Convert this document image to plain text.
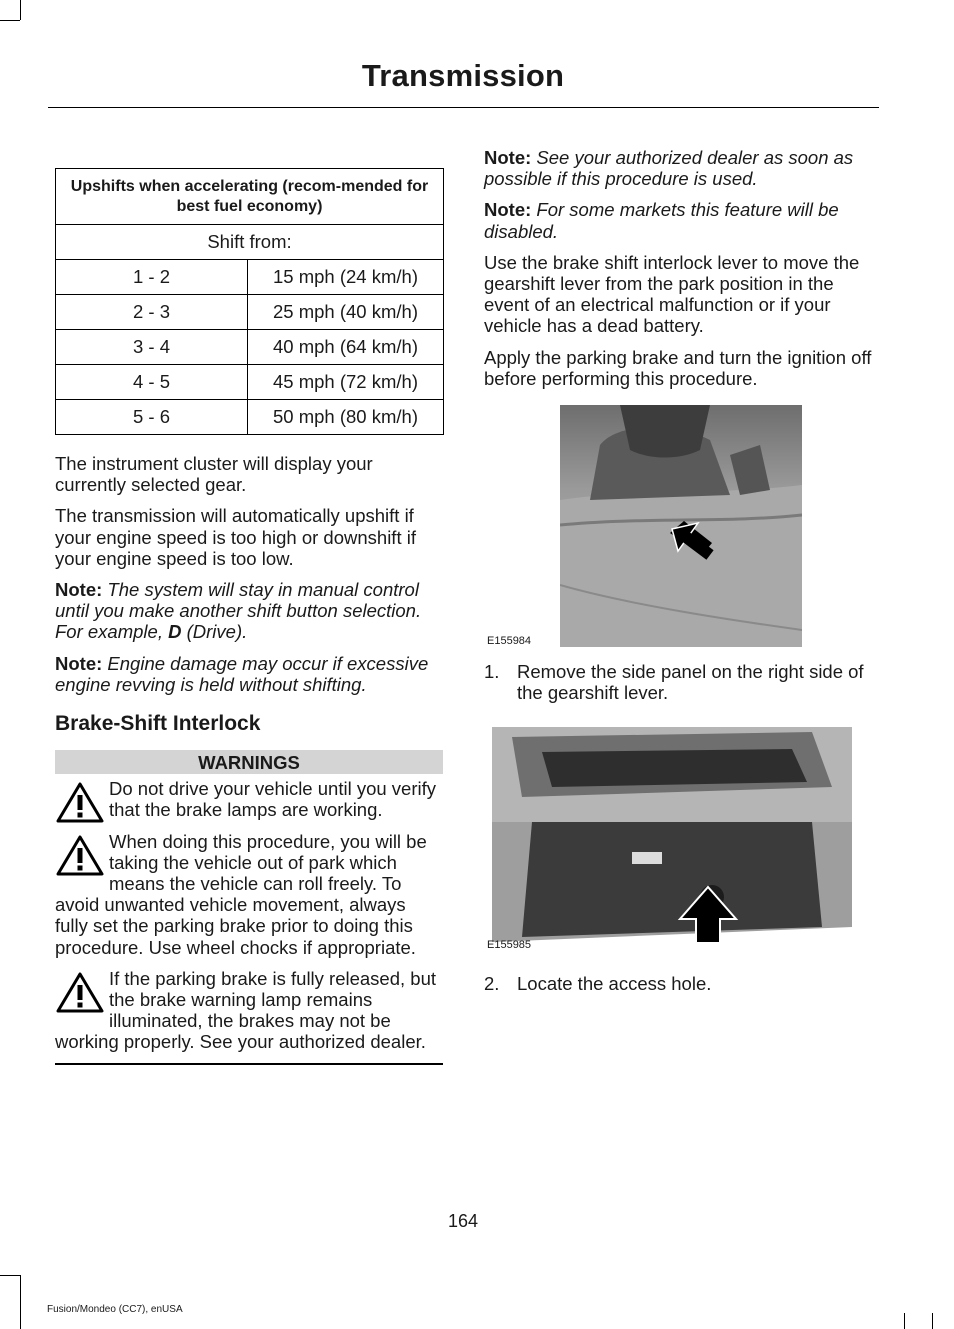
Transmission
Upshifts when accelerating (recom-mended for best fuel economy)	
Shift from:	
1 - 2	15 mph (24 km/h)
2 - 3	25 mph (40 km/h)
3 - 4	40 mph (64 km/h)
4 - 5	45 mph (72 km/h)
5 - 6	50 mph (80 km/h)

The instrument cluster will display your currently selected gear.

The transmission will automatically upshift if your engine speed is too high or downshift if your engine speed is too low.

Note: The system will stay in manual control until you make another shift button selection. For example, D (Drive).

Note: Engine damage may occur if excessive engine revving is held without shifting.

Brake-Shift Interlock
WARNINGS
Do not drive your vehicle until you verify that the brake lamps are working.
When doing this procedure, you will be taking the vehicle out of park which means the vehicle can roll freely. To avoid unwanted vehicle movement, always fully set the parking brake prior to doing this procedure. Use wheel chocks if appropriate.
If the parking brake is fully released, but the brake warning lamp remains illuminated, the brakes may not be working properly. See your authorized dealer.

Note: See your authorized dealer as soon as possible if this procedure is used.

Note: For some markets this feature will be disabled.

Use the brake shift interlock lever to move the gearshift lever from the park position in the event of an electrical malfunction or if your vehicle has a dead battery.

Apply the parking brake and turn the ignition off before performing this procedure.

E155984
1. Remove the side panel on the right side of the gearshift lever.
E155985
2. Locate the access hole.
164
Fusion/Mondeo (CC7), enUSA
